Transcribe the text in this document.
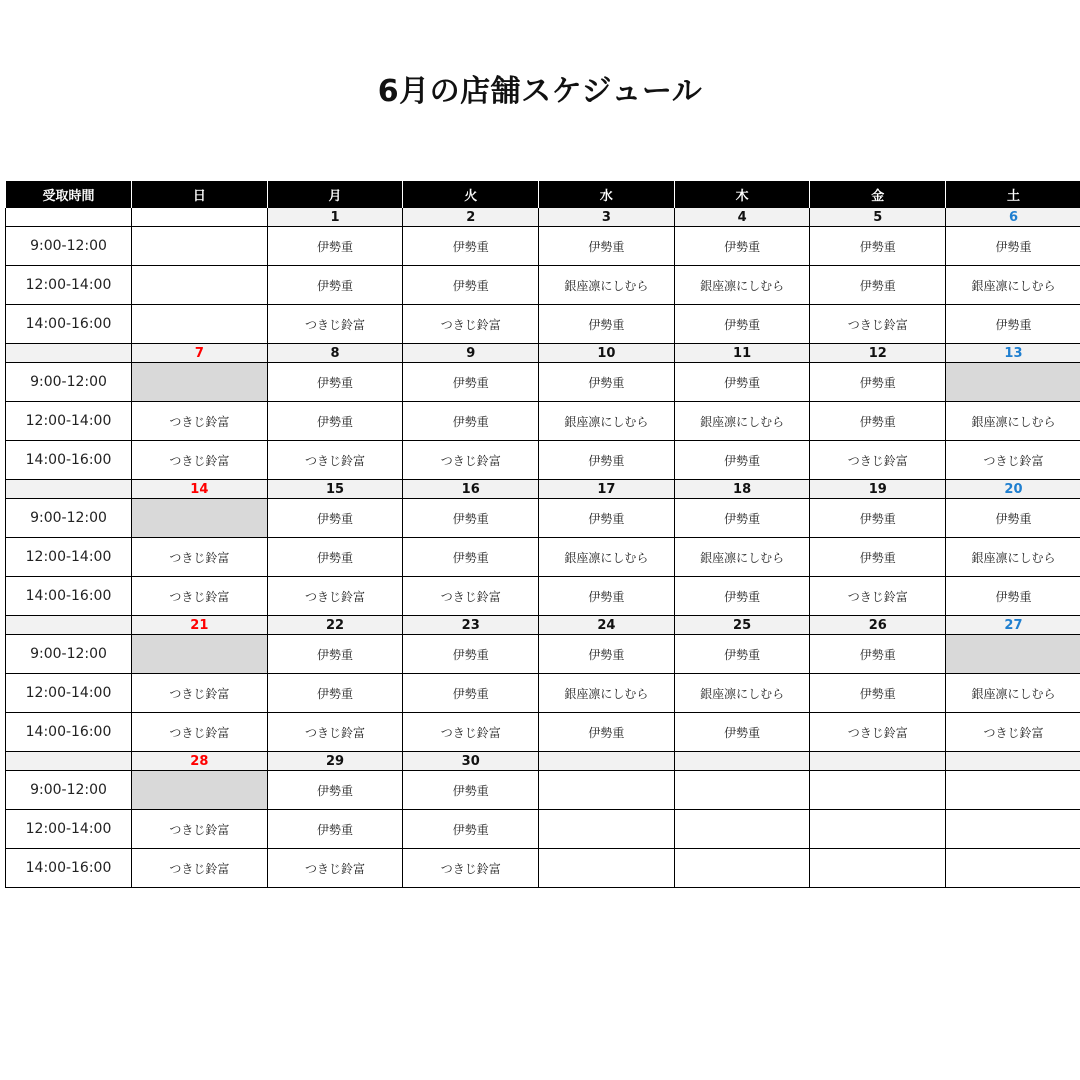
6月の店舗スケジュール
受取時間	日	月	火	水	木	金	土
		1	2	3	4	5	6
9:00-12:00		伊勢重	伊勢重	伊勢重	伊勢重	伊勢重	伊勢重
12:00-14:00		伊勢重	伊勢重	銀座凛にしむら	銀座凛にしむら	伊勢重	銀座凛にしむら
14:00-16:00		つきじ鈴富	つきじ鈴富	伊勢重	伊勢重	つきじ鈴富	伊勢重
	7	8	9	10	11	12	13
9:00-12:00		伊勢重	伊勢重	伊勢重	伊勢重	伊勢重	
12:00-14:00	つきじ鈴富	伊勢重	伊勢重	銀座凛にしむら	銀座凛にしむら	伊勢重	銀座凛にしむら
14:00-16:00	つきじ鈴富	つきじ鈴富	つきじ鈴富	伊勢重	伊勢重	つきじ鈴富	つきじ鈴富
	14	15	16	17	18	19	20
9:00-12:00		伊勢重	伊勢重	伊勢重	伊勢重	伊勢重	伊勢重
12:00-14:00	つきじ鈴富	伊勢重	伊勢重	銀座凛にしむら	銀座凛にしむら	伊勢重	銀座凛にしむら
14:00-16:00	つきじ鈴富	つきじ鈴富	つきじ鈴富	伊勢重	伊勢重	つきじ鈴富	伊勢重
	21	22	23	24	25	26	27
9:00-12:00		伊勢重	伊勢重	伊勢重	伊勢重	伊勢重	
12:00-14:00	つきじ鈴富	伊勢重	伊勢重	銀座凛にしむら	銀座凛にしむら	伊勢重	銀座凛にしむら
14:00-16:00	つきじ鈴富	つきじ鈴富	つきじ鈴富	伊勢重	伊勢重	つきじ鈴富	つきじ鈴富
	28	29	30				
9:00-12:00		伊勢重	伊勢重				
12:00-14:00	つきじ鈴富	伊勢重	伊勢重				
14:00-16:00	つきじ鈴富	つきじ鈴富	つきじ鈴富				
